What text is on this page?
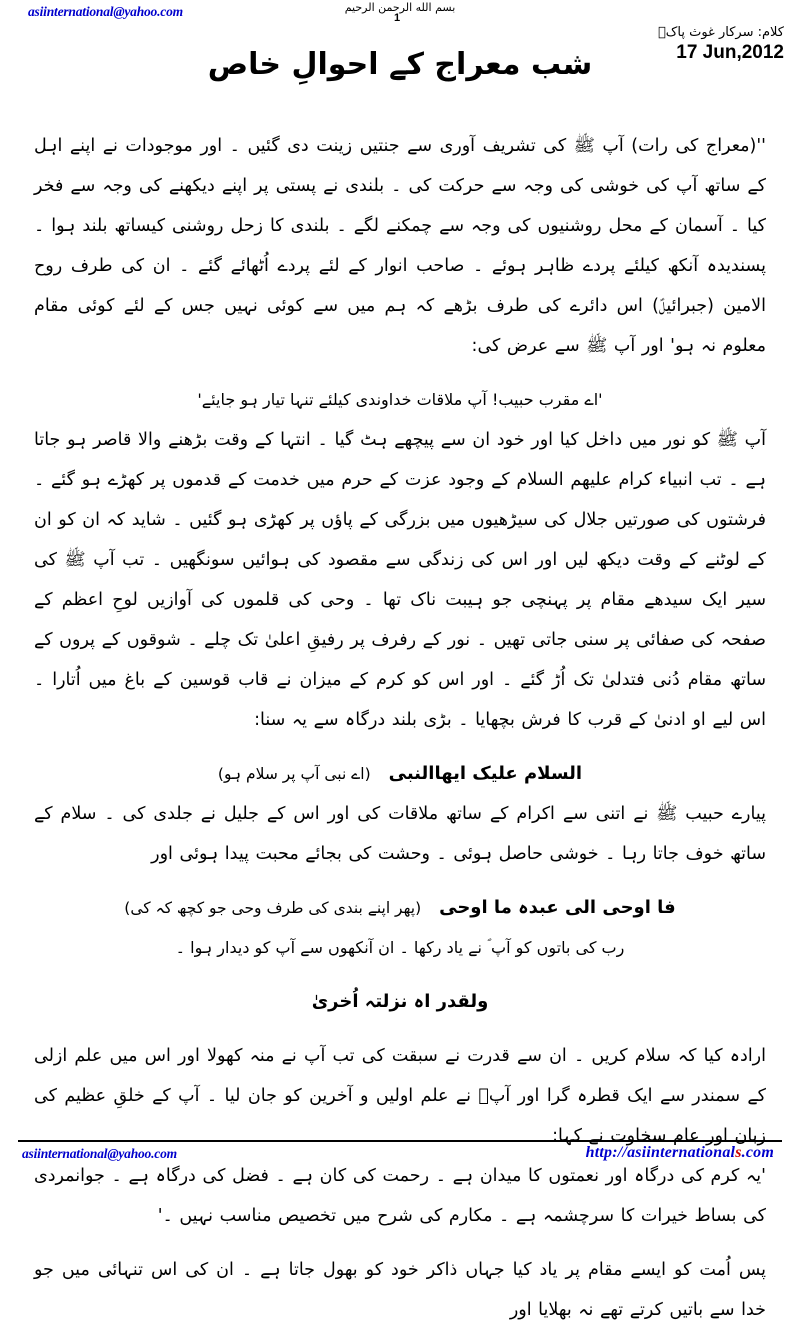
asiinternational@yahoo.com	بسم الله الرحمن الرحيم
1
کلام: سرکار غوث پاکؒ
17 Jun,2012
شب معراج کے احوالِ خاص

''(معراج کی رات) آپ ﷺ کی تشریف آوری سے جنتیں زینت دی گئیں ۔ اور موجودات نے اپنے اہل کے ساتھ آپ کی خوشی کی وجہ سے حرکت کی ۔ بلندی نے پستی پر اپنے دیکھنے کی وجہ سے فخر کیا ۔ آسمان کے محل روشنیوں کی وجہ سے چمکنے لگے ۔ بلندی کا زحل روشنی کیساتھ بلند ہوا ۔ پسندیدہ آنکھ کیلئے پردے ظاہر ہوئے ۔ صاحب انوار کے لئے پردے اُٹھائے گئے ۔ ان کی طرف روح الامین (جبرائیلؑ) اس دائرے کی طرف بڑھے کہ ہم میں سے کوئی نہیں جس کے لئے کوئی مقام معلوم نہ ہو' اور آپ ﷺ سے عرض کی:

'اے مقرب حبیب! آپ ملاقات خداوندی کیلئے تنہا تیار ہو جایئے'

آپ ﷺ کو نور میں داخل کیا اور خود ان سے پیچھے ہٹ گیا ۔ انتہا کے وقت بڑھنے والا قاصر ہو جاتا ہے ۔ تب انبیاء کرام علیھم السلام کے وجود عزت کے حرم میں خدمت کے قدموں پر کھڑے ہو گئے ۔ فرشتوں کی صورتیں جلال کی سیڑھیوں میں بزرگی کے پاؤں پر کھڑی ہو گئیں ۔ شاید کہ ان کو ان کے لوٹنے کے وقت دیکھ لیں اور اس کی زندگی سے مقصود کی ہوائیں سونگھیں ۔ تب آپ ﷺ کی سیر ایک سیدھے مقام پر پہنچی جو ہیبت ناک تھا ۔ وحی کی قلموں کی آوازیں لوحِ اعظم کے صفحہ کی صفائی پر سنی جاتی تھیں ۔ نور کے رفرف پر رفیقِ اعلیٰ تک چلے ۔ شوقوں کے پروں کے ساتھ مقام دُنی فتدلیٰ تک اُڑ گئے ۔ اور اس کو کرم کے میزان نے قاب قوسین کے باغ میں اُتارا ۔ اس لیے او ادنیٰ کے قرب کا فرش بچھایا ۔ بڑی بلند درگاہ سے یہ سنا:

السلام علیک ایھاالنبی(اے نبی آپ پر سلام ہو)

پیارے حبیب ﷺ نے اتنی سے اکرام کے ساتھ ملاقات کی اور اس کے جلیل نے جلدی کی ۔ سلام کے ساتھ خوف جاتا رہا ۔ خوشی حاصل ہوئی ۔ وحشت کی بجائے محبت پیدا ہوئی اور

فا اوحی الی عبدہ ما اوحی(پھر اپنے بندی کی طرف وحی جو کچھ کہ کی)

رب کی باتوں کو آپ ؐ نے یاد رکھا ۔ ان آنکھوں سے آپ کو دیدار ہوا ۔

ولقدر اہ نزلتہ اُخریٰ

ارادہ کیا کہ سلام کریں ۔ ان سے قدرت نے سبقت کی تب آپ نے منہ کھولا اور اس میں علم ازلی کے سمندر سے ایک قطرہ گرا اور آپؐ نے علم اولیں و آخرین کو جان لیا ۔ آپ کے خلقِ عظیم کی زبان اور عام سخاوت نے کہا:

'یہ کرم کی درگاہ اور نعمتوں کا میدان ہے ۔ رحمت کی کان ہے ۔ فضل کی درگاہ ہے ۔ جوانمردی کی بساط خیرات کا سرچشمہ ہے ۔ مکارم کی شرح میں تخصیص مناسب نہیں ۔'

پس اُمت کو ایسے مقام پر یاد کیا جہاں ذاکر خود کو بھول جاتا ہے ۔ ان کی اس تنہائی میں جو خدا سے باتیں کرتے تھے نہ بھلایا اور

asiinternational@yahoo.com	http://asiinternationals.com
